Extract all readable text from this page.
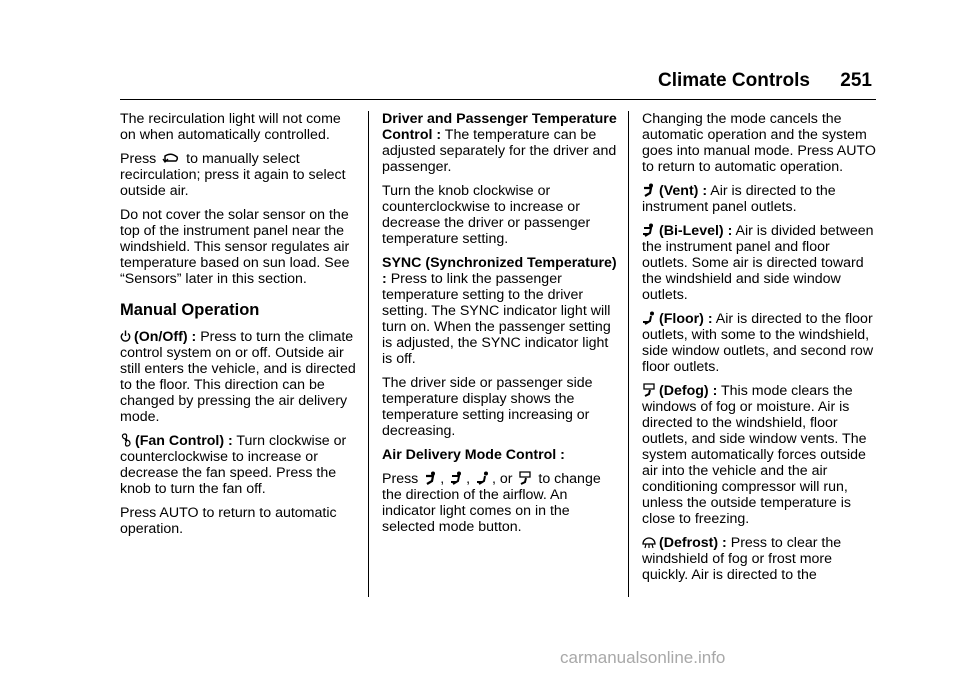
Climate Controls 251

The recirculation light will not come on when automatically controlled.

Press to manually select recirculation; press it again to select outside air.

Do not cover the solar sensor on the top of the instrument panel near the windshield. This sensor regulates air temperature based on sun load. See “Sensors” later in this section.

Manual Operation

(On/Off) : Press to turn the climate control system on or off. Outside air still enters the vehicle, and is directed to the floor. This direction can be changed by pressing the air delivery mode.

(Fan Control) : Turn clockwise or counterclockwise to increase or decrease the fan speed. Press the knob to turn the fan off.

Press AUTO to return to automatic operation.

Driver and Passenger Temperature Control : The temperature can be adjusted separately for the driver and passenger.

Turn the knob clockwise or counterclockwise to increase or decrease the driver or passenger temperature setting.

SYNC (Synchronized Temperature) : Press to link the passenger temperature setting to the driver setting. The SYNC indicator light will turn on. When the passenger setting is adjusted, the SYNC indicator light is off.

The driver side or passenger side temperature display shows the temperature setting increasing or decreasing.

Air Delivery Mode Control :

Press ,
,
, or to change the direction of the airflow. An indicator light comes on in the selected mode button.

Changing the mode cancels the automatic operation and the system goes into manual mode. Press AUTO to return to automatic operation.

(Vent) : Air is directed to the instrument panel outlets.

(Bi-Level) : Air is divided between the instrument panel and floor outlets. Some air is directed toward the windshield and side window outlets.

(Floor) : Air is directed to the floor outlets, with some to the windshield, side window outlets, and second row floor outlets.

(Defog) : This mode clears the windows of fog or moisture. Air is directed to the windshield, floor outlets, and side window vents. The system automatically forces outside air into the vehicle and the air conditioning compressor will run, unless the outside temperature is close to freezing.

(Defrost) : Press to clear the windshield of fog or frost more quickly. Air is directed to the

carmanualsonline.info
